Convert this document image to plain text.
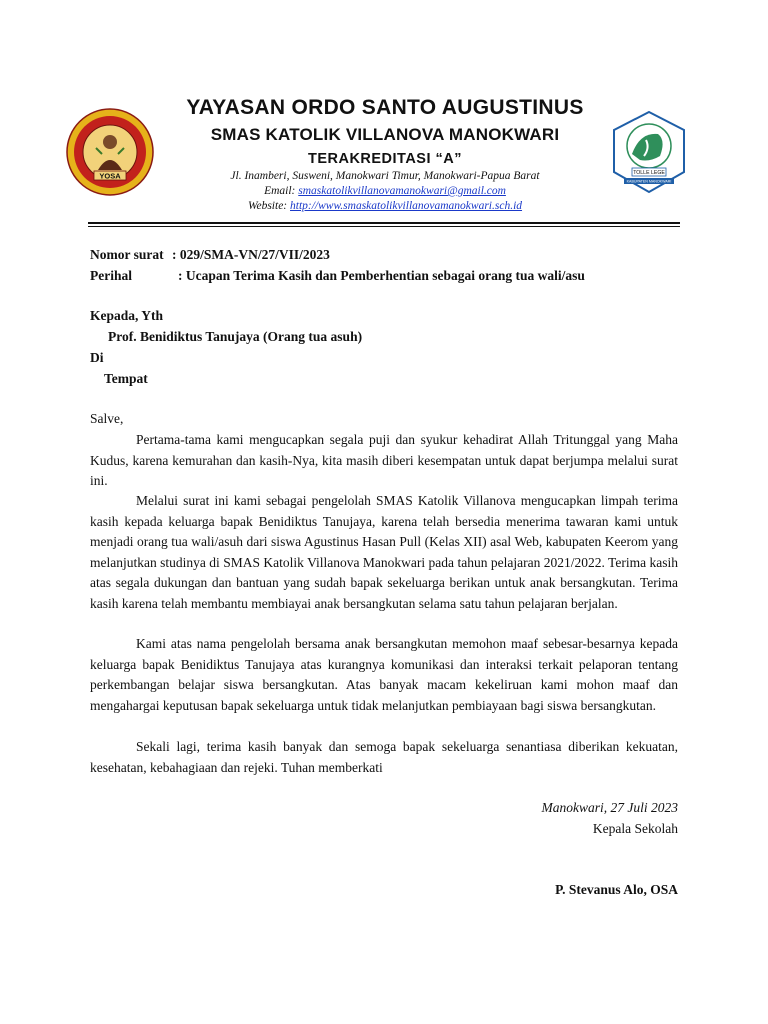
YOSA
YAYASAN ORDO SANTO AUGUSTINUS
SMAS KATOLIK VILLANOVA MANOKWARI
TERAKREDITASI “A”
Jl. Inamberi, Susweni, Manokwari Timur, Manokwari-Papua Barat
Email: smaskatolikvillanovamanokwari@gmail.com
Website: http://www.smaskatolikvillanovamanokwari.sch.id
TOLLE LEGE
KABUPATEN MANOKWARI
Nomor surat : 029/SMA-VN/27/VII/2023
Perihal	: Ucapan Terima Kasih dan Pemberhentian sebagai orang tua wali/asu
Kepada, Yth
Prof. Benidiktus Tanujaya (Orang tua asuh)
Di
Tempat
Salve,
Pertama-tama kami mengucapkan segala puji dan syukur kehadirat Allah Tritunggal yang Maha Kudus, karena kemurahan dan kasih-Nya, kita masih diberi kesempatan untuk dapat berjumpa melalui surat ini.
Melalui surat ini kami sebagai pengelolah SMAS Katolik Villanova mengucapkan limpah terima kasih kepada keluarga bapak Benidiktus Tanujaya, karena telah bersedia menerima tawaran kami untuk menjadi orang tua wali/asuh dari siswa Agustinus Hasan Pull (Kelas XII) asal Web, kabupaten Keerom yang melanjutkan studinya di SMAS Katolik Villanova Manokwari pada tahun pelajaran 2021/2022. Terima kasih atas segala dukungan dan bantuan yang sudah bapak sekeluarga berikan untuk anak bersangkutan. Terima kasih karena telah membantu membiayai anak bersangkutan selama satu tahun pelajaran berjalan.
Kami atas nama pengelolah bersama anak bersangkutan memohon maaf sebesar-besarnya kepada keluarga bapak Benidiktus Tanujaya atas kurangnya komunikasi dan interaksi terkait pelaporan tentang perkembangan belajar siswa bersangkutan. Atas banyak macam kekeliruan kami mohon maaf dan mengahargai keputusan bapak sekeluarga untuk tidak melanjutkan pembiayaan bagi siswa bersangkutan.
Sekali lagi, terima kasih banyak dan semoga bapak sekeluarga senantiasa diberikan kekuatan, kesehatan, kebahagiaan dan rejeki. Tuhan memberkati
Manokwari, 27 Juli 2023
Kepala Sekolah
P. Stevanus Alo, OSA
